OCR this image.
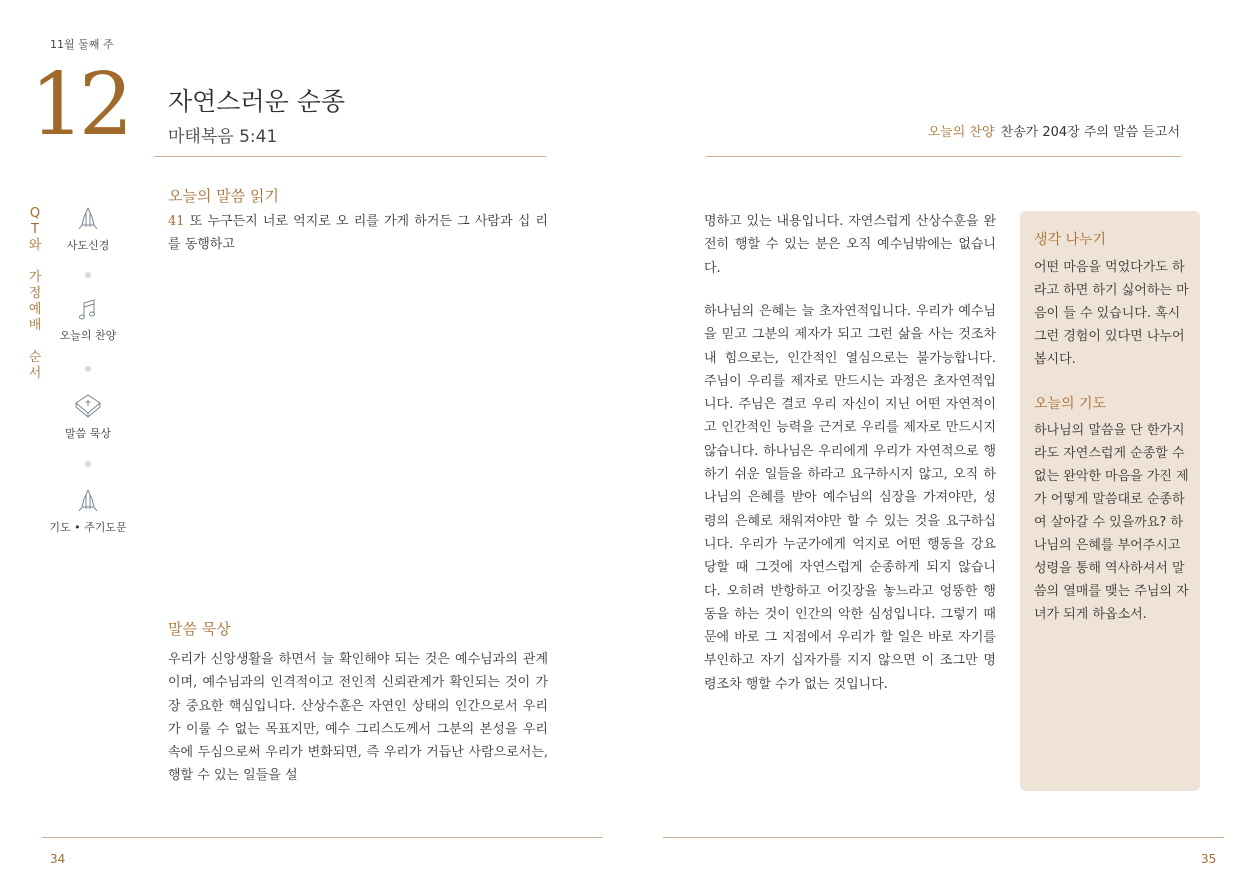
11월 둘째 주
12 자연스러운 순종
마태복음 5:41	오늘의 찬양 찬송가 204장 주의 말씀 듣고서
Q
T
와

가
정
예
배

순
서
사도신경
오늘의 찬양
말씀 묵상
기도 • 주기도문
오늘의 말씀 읽기
41 또 누구든지 너로 억지로 오 리를 가게 하거든 그 사람과 십 리를 동행하고
말씀 묵상
우리가 신앙생활을 하면서 늘 확인해야 되는 것은 예수님과의 관계이며, 예수님과의 인격적이고 전인적 신뢰관계가 확인되는 것이 가장 중요한 핵심입니다. 산상수훈은 자연인 상태의 인간으로서 우리가 이룰 수 없는 목표지만, 예수 그리스도께서 그분의 본성을 우리 속에 두심으로써 우리가 변화되면, 즉 우리가 거듭난 사람으로서는, 행할 수 있는 일들을 설
명하고 있는 내용입니다. 자연스럽게 산상수훈을 완전히 행할 수 있는 분은 오직 예수님밖에는 없습니다.
하나님의 은혜는 늘 초자연적입니다. 우리가 예수님을 믿고 그분의 제자가 되고 그런 삶을 사는 것조차 내 힘으로는, 인간적인 열심으로는 불가능합니다. 주님이 우리를 제자로 만드시는 과정은 초자연적입니다. 주님은 결코 우리 자신이 지닌 어떤 자연적이고 인간적인 능력을 근거로 우리를 제자로 만드시지 않습니다. 하나님은 우리에게 우리가 자연적으로 행하기 쉬운 일들을 하라고 요구하시지 않고, 오직 하나님의 은혜를 받아 예수님의 심장을 가져야만, 성령의 은혜로 채워져야만 할 수 있는 것을 요구하십니다. 우리가 누군가에게 억지로 어떤 행동을 강요당할 때 그것에 자연스럽게 순종하게 되지 않습니다. 오히려 반항하고 어깃장을 놓느라고 엉뚱한 행동을 하는 것이 인간의 악한 심성입니다. 그렇기 때문에 바로 그 지점에서 우리가 할 일은 바로 자기를 부인하고 자기 십자가를 지지 않으면 이 조그만 명령조차 행할 수가 없는 것입니다.
생각 나누기
어떤 마음을 먹었다가도 하라고 하면 하기 싫어하는 마음이 들 수 있습니다. 혹시 그런 경험이 있다면 나누어 봅시다.
오늘의 기도
하나님의 말씀을 단 한가지라도 자연스럽게 순종할 수 없는 완악한 마음을 가진 제가 어떻게 말씀대로 순종하여 살아갈 수 있을까요? 하나님의 은혜를 부어주시고 성령을 통해 역사하셔서 말씀의 열매를 맺는 주님의 자녀가 되게 하옵소서.
34	35
